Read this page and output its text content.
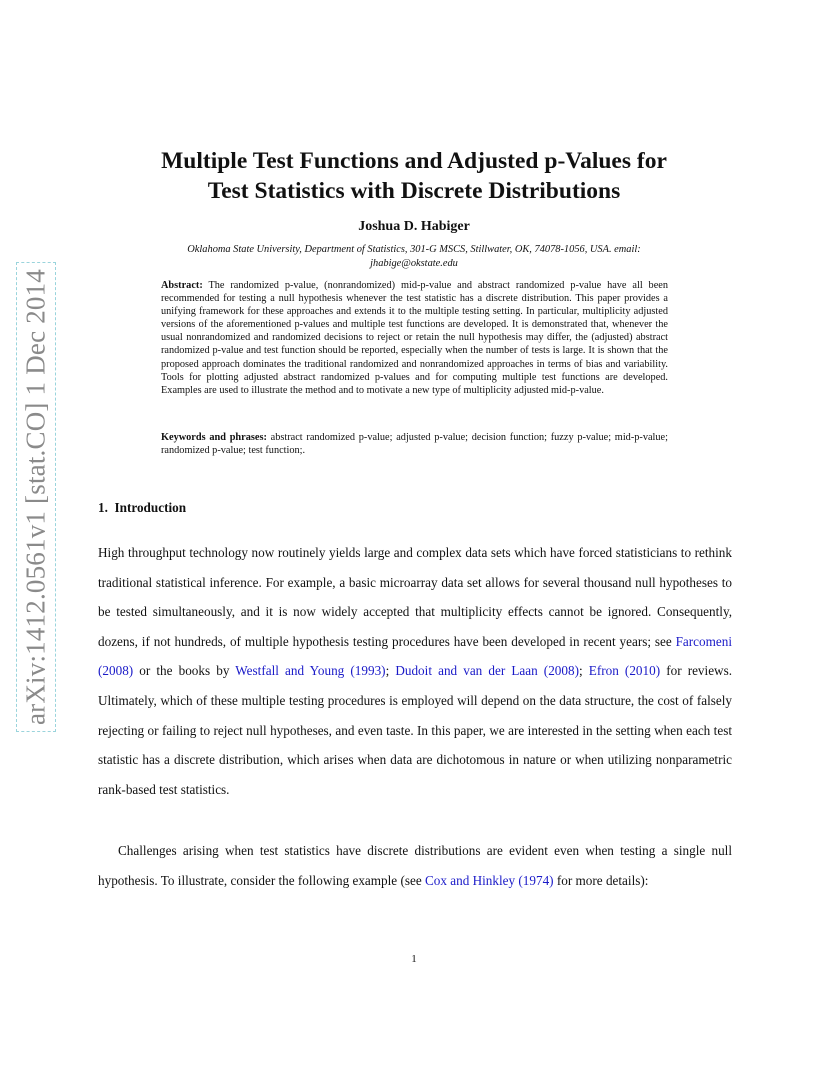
arXiv:1412.0561v1 [stat.CO] 1 Dec 2014
Multiple Test Functions and Adjusted p-Values for
Test Statistics with Discrete Distributions
Joshua D. Habiger
Oklahoma State University, Department of Statistics, 301-G MSCS, Stillwater, OK, 74078-1056, USA. email:
jhabige@okstate.edu
Abstract: The randomized p-value, (nonrandomized) mid-p-value and abstract randomized p-value have all been recommended for testing a null hypothesis whenever the test statistic has a discrete distribution. This paper provides a unifying framework for these approaches and extends it to the multiple testing setting. In particular, multiplicity adjusted versions of the aforementioned p-values and multiple test functions are developed. It is demonstrated that, whenever the usual nonrandomized and randomized decisions to reject or retain the null hypothesis may differ, the (adjusted) abstract randomized p-value and test function should be reported, especially when the number of tests is large. It is shown that the proposed approach dominates the traditional randomized and nonrandomized approaches in terms of bias and variability. Tools for plotting adjusted abstract randomized p-values and for computing multiple test functions are developed. Examples are used to illustrate the method and to motivate a new type of multiplicity adjusted mid-p-value.
Keywords and phrases: abstract randomized p-value; adjusted p-value; decision function; fuzzy p-value; mid-p-value; randomized p-value; test function;.
1. Introduction
High throughput technology now routinely yields large and complex data sets which have forced statisticians to rethink traditional statistical inference. For example, a basic microarray data set allows for several thousand null hypotheses to be tested simultaneously, and it is now widely accepted that multiplicity effects cannot be ignored. Consequently, dozens, if not hundreds, of multiple hypothesis testing procedures have been developed in recent years; see Farcomeni (2008) or the books by Westfall and Young (1993); Dudoit and van der Laan (2008); Efron (2010) for reviews. Ultimately, which of these multiple testing procedures is employed will depend on the data structure, the cost of falsely rejecting or failing to reject null hypotheses, and even taste. In this paper, we are interested in the setting when each test statistic has a discrete distribution, which arises when data are dichotomous in nature or when utilizing nonparametric rank-based test statistics.
Challenges arising when test statistics have discrete distributions are evident even when testing a single null hypothesis. To illustrate, consider the following example (see Cox and Hinkley (1974) for more details):
1
